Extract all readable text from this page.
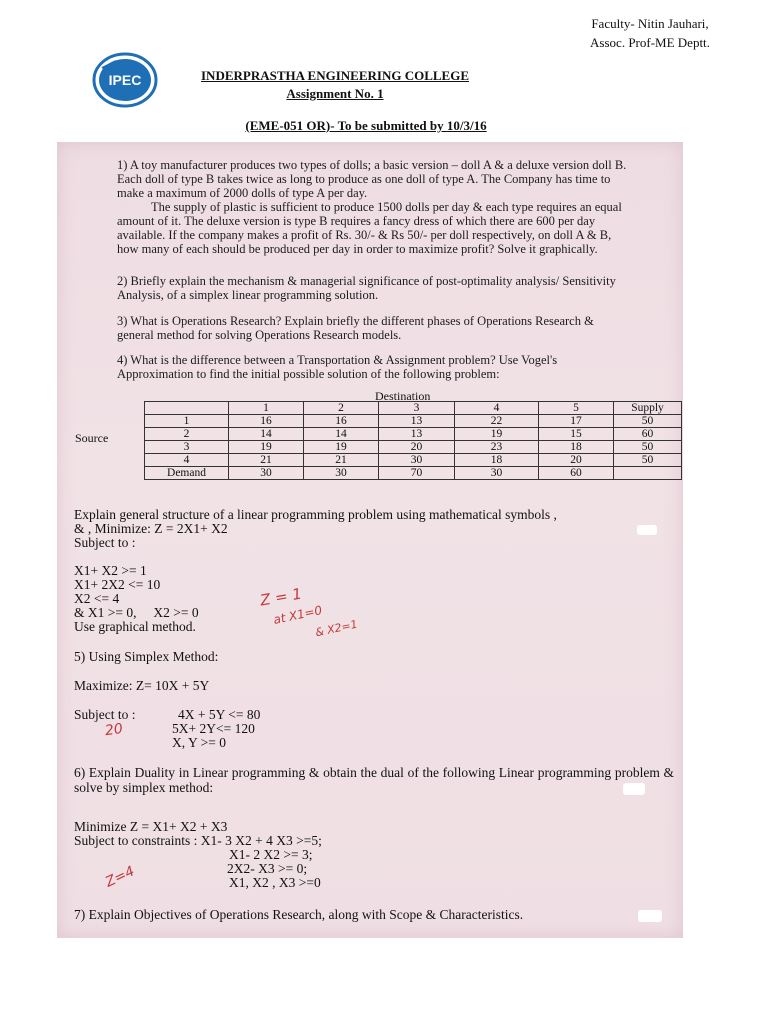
Faculty- Nitin Jauhari,
Assoc. Prof-ME Deptt.
IPEC	INDERPRASTHA ENGINEERING COLLEGE
Assignment No. 1
(EME-051 OR)- To be submitted by 10/3/16

1) A toy manufacturer produces two types of dolls; a basic version – doll A & a deluxe version doll B. Each doll of type B takes twice as long to produce as one doll of type A. The Company has time to make a maximum of 2000 dolls of type A per day.

The supply of plastic is sufficient to produce 1500 dolls per day & each type requires an equal amount of it. The deluxe version is type B requires a fancy dress of which there are 600 per day available. If the company makes a profit of Rs. 30/- & Rs 50/- per doll respectively, on doll A & B, how many of each should be produced per day in order to maximize profit? Solve it graphically.

2) Briefly explain the mechanism & managerial significance of post-optimality analysis/ Sensitivity Analysis, of a simplex linear programming solution.
3) What is Operations Research? Explain briefly the different phases of Operations Research & general method for solving Operations Research models.
4) What is the difference between a Transportation & Assignment problem? Use Vogel's Approximation to find the initial possible solution of the following problem:
Destination
Source
	1	2	3	4	5	Supply
1	16	16	13	22	17	50
2	14	14	13	19	15	60
3	19	19	20	23	18	50
4	21	21	30	18	20	50
Demand	30	30	70	30	60	
Explain general structure of a linear programming problem using mathematical symbols ,
& , Minimize: Z = 2X1+ X2
Subject to :
X1+ X2 >= 1
X1+ 2X2 <= 10
X2 <= 4
& X1 >= 0,     X2 >= 0
Use graphical method.
5) Using Simplex Method:
Maximize: Z= 10X + 5Y
Subject to :	4X + 5Y <= 80
5X+ 2Y<= 120
X, Y >= 0
6) Explain Duality in Linear programming & obtain the dual of the following Linear programming problem & solve by simplex method:
Minimize Z = X1+ X2 + X3
Subject to constraints : X1- 3 X2 + 4 X3 >=5;
X1- 2 X2 >= 3;
2X2- X3 >= 0;
X1, X2 , X3 >=0
7) Explain Objectives of Operations Research, along with Scope & Characteristics.
Z = 1
at X1=0
& X2=1
20
Z=4
